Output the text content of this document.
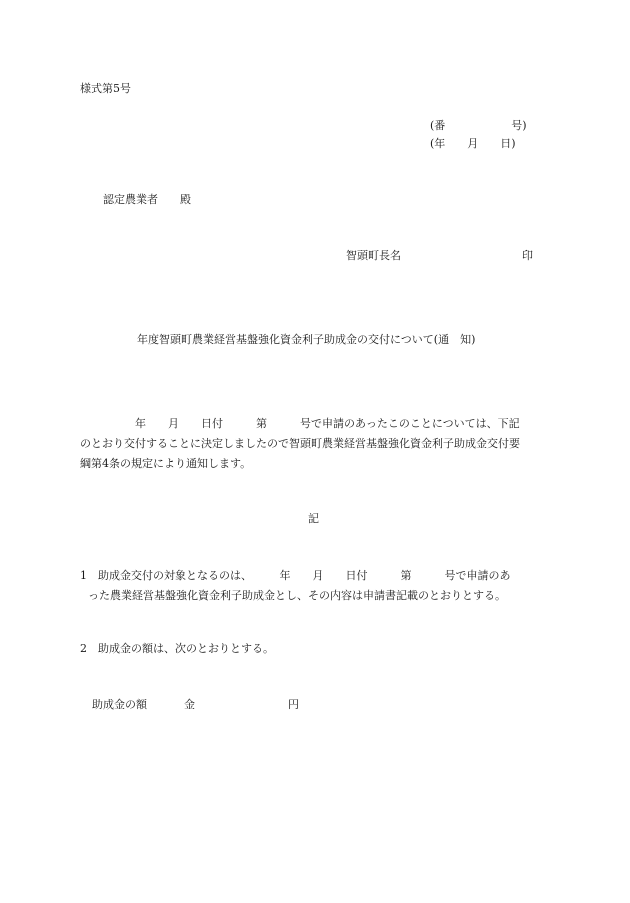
様式第5号
(番　　　　　　号)
(年　　月　　日)
認定農業者　　殿
智頭町長名	印
年度智頭町農業経営基盤強化資金利子助成金の交付について(通　知)
　　　　　年　　月　　日付　　　第　　　号で申請のあったこのことについては、下記
のとおり交付することに決定しましたので智頭町農業経営基盤強化資金利子助成金交付要
綱第4条の規定により通知します。
記
1　助成金交付の対象となるのは、　　　年　　月　　日付　　　第　　　号で申請のあ
った農業経営基盤強化資金利子助成金とし、その内容は申請書記載のとおりとする。
2　助成金の額は、次のとおりとする。
助成金の額	金	円
